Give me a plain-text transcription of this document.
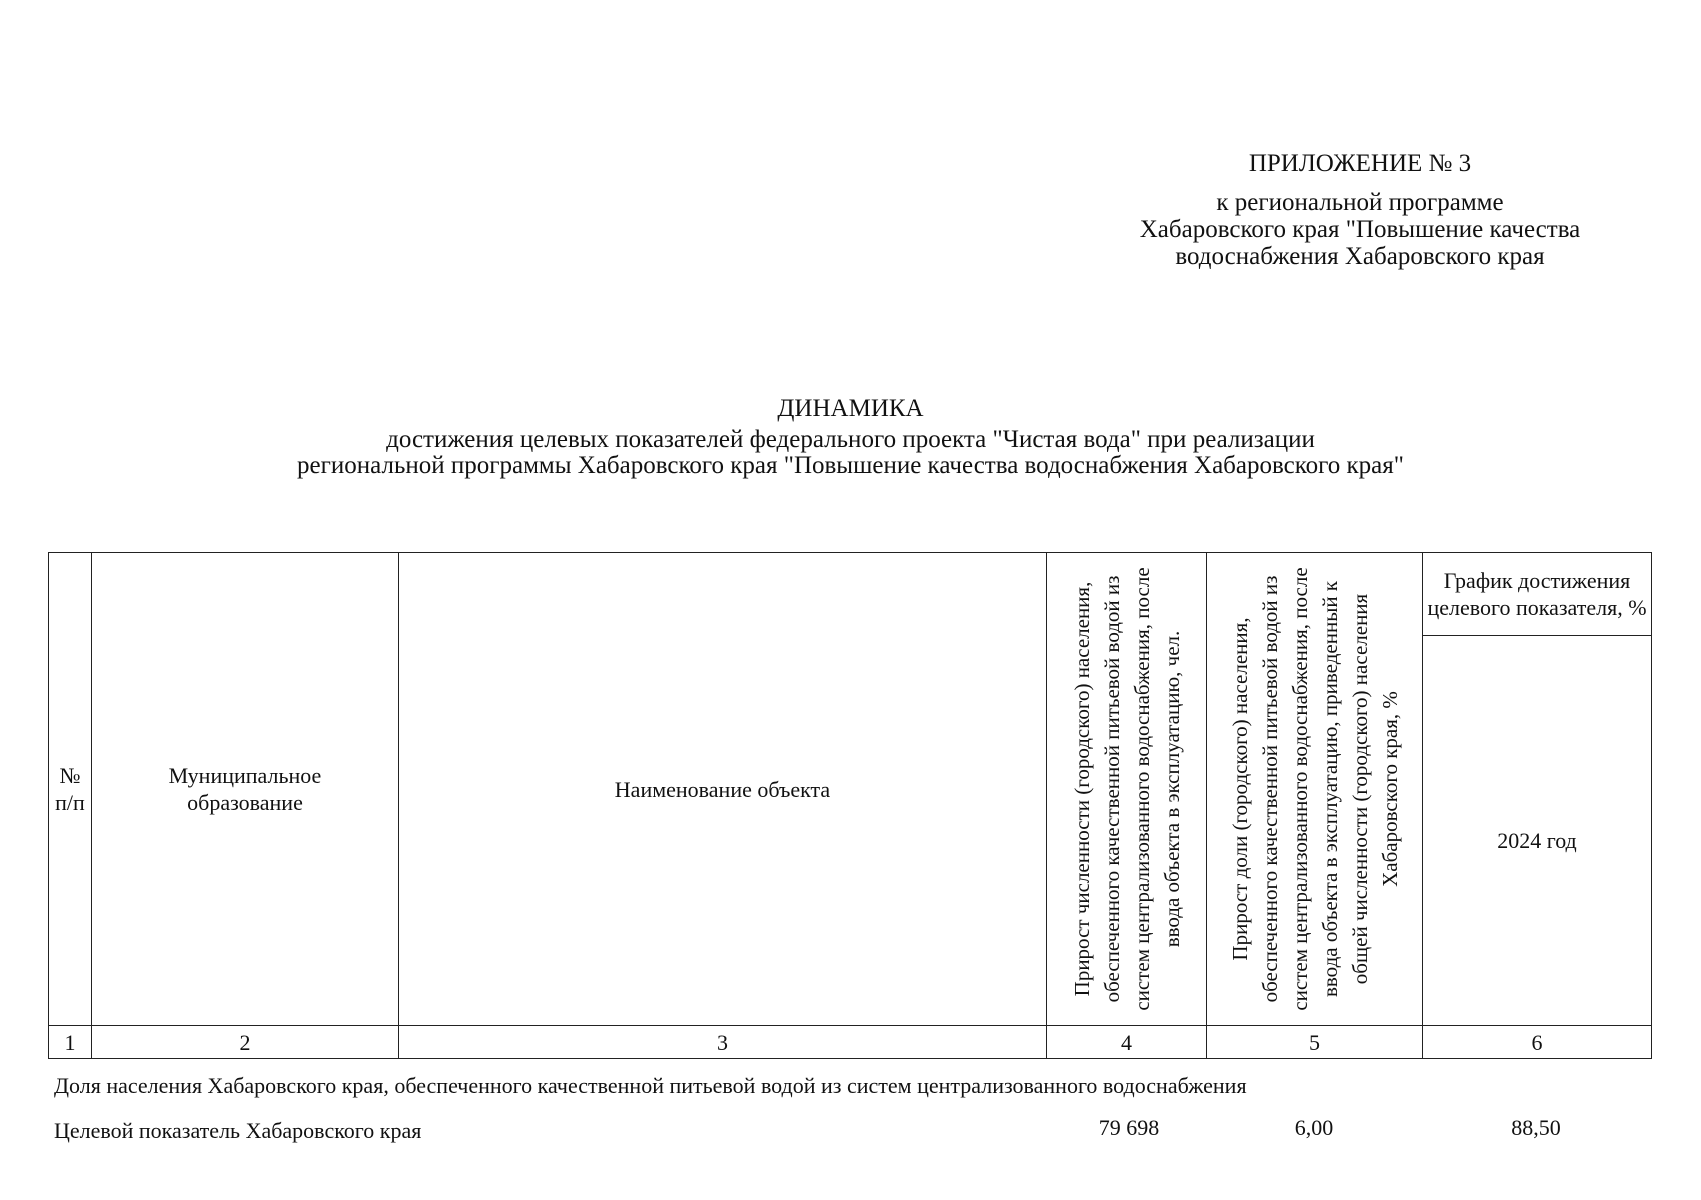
ПРИЛОЖЕНИЕ № 3
к региональной программе
Хабаровского края "Повышение качества
водоснабжения Хабаровского края
ДИНАМИКА
достижения целевых показателей федерального проекта "Чистая вода" при реализации
региональной программы Хабаровского края "Повышение качества водоснабжения Хабаровского края"
№ п/п	Муниципальное образование	Наименование объекта	Прирост численности (городского) населения, обеспеченного качественной питьевой водой из систем централизованного водоснабжения, после ввода объекта в эксплуатацию, чел.	Прирост доли (городского) населения, обеспеченного качественной питьевой водой из систем централизованного водоснабжения, после ввода объекта в эксплуатацию, приведенный к общей численности (городского) населения Хабаровского края, %	График достижения целевого показателя, %
					2024 год
1	2	3	4	5	6
Доля населения Хабаровского края, обеспеченного качественной питьевой водой из систем централизованного водоснабжения
Целевой показатель Хабаровского края	79 698	6,00	88,50
